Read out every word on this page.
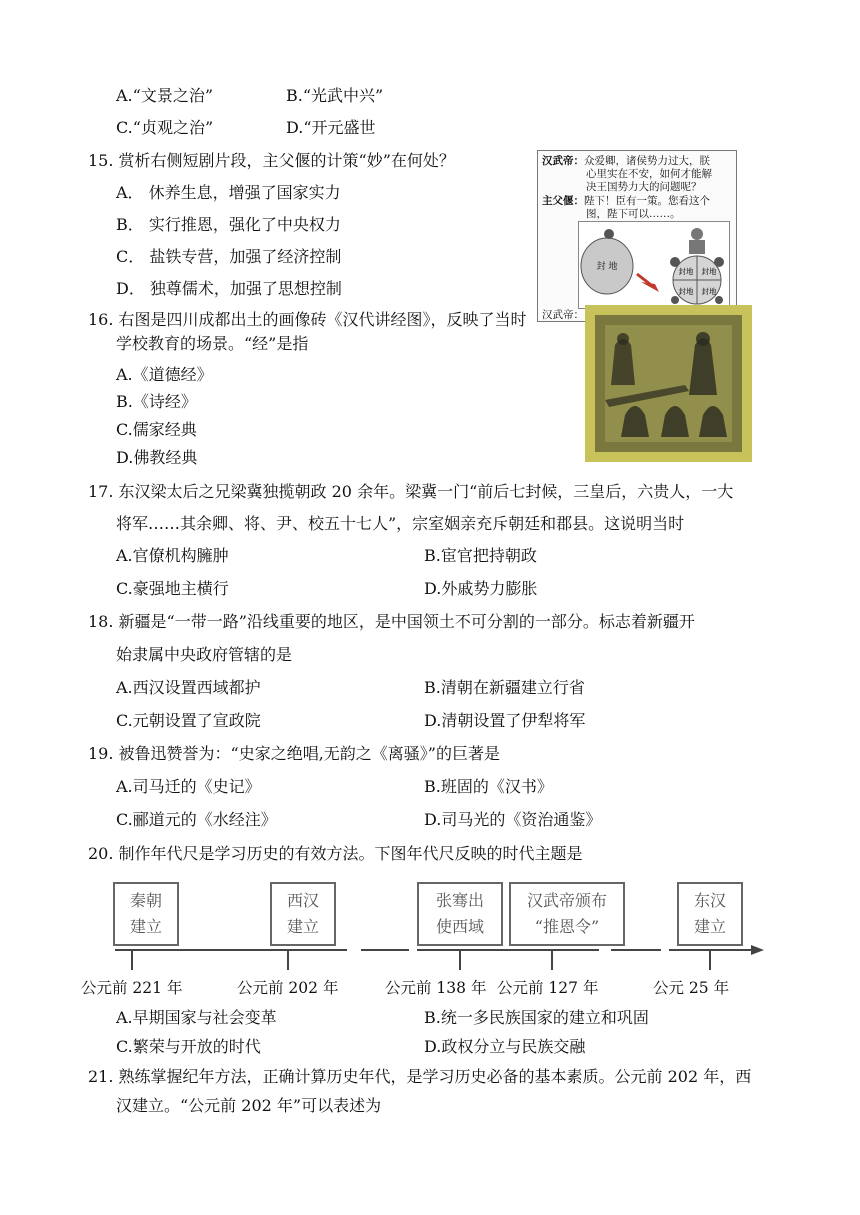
A.“文景之治”	B.“光武中兴”
C.“贞观之治”	D.“开元盛世
15. 赏析右侧短剧片段，主父偃的计策“妙”在何处？
A． 休养生息，增强了国家实力
B． 实行推恩，强化了中央权力
C． 盐铁专营，加强了经济控制
D． 独尊儒术，加强了思想控制
汉武帝：众爱卿，诸侯势力过大，朕
心里实在不安，如何才能解
决王国势力大的问题呢？
主父偃：陛下！臣有一策。您看这个
图，陛下可以……。
封 地	封地 封地
封地 封地
汉武帝：
16. 右图是四川成都出土的画像砖《汉代讲经图》，反映了当时
学校教育的场景。“经”是指
A.《道德经》
B.《诗经》
C.儒家经典
D.佛教经典
17. 东汉梁太后之兄梁冀独揽朝政 20 余年。梁冀一门“前后七封候，三皇后，六贵人，一大
将军……其余卿、将、尹、校五十七人”，宗室姻亲充斥朝廷和郡县。这说明当时
A.官僚机构臃肿	B.宦官把持朝政
C.豪强地主横行	D.外戚势力膨胀
18. 新疆是“一带一路”沿线重要的地区，是中国领土不可分割的一部分。标志着新疆开
始隶属中央政府管辖的是
A.西汉设置西域都护	B.清朝在新疆建立行省
C.元朝设置了宣政院	D.清朝设置了伊犁将军
19. 被鲁迅赞誉为：“史家之绝唱,无韵之《离骚》”的巨著是
A.司马迁的《史记》	B.班固的《汉书》
C.郦道元的《水经注》	D.司马光的《资治通鉴》
20. 制作年代尺是学习历史的有效方法。下图年代尺反映的时代主题是
秦朝
建立
西汉
建立
张骞出
使西域
汉武帝颁布
“推恩令”
东汉
建立
公元前 221 年	公元前 202 年	公元前 138 年 公元前 127 年	公元 25 年
A.早期国家与社会变革	B.统一多民族国家的建立和巩固
C.繁荣与开放的时代	D.政权分立与民族交融
21. 熟练掌握纪年方法，正确计算历史年代，是学习历史必备的基本素质。公元前 202 年，西
汉建立。“公元前 202 年”可以表述为
